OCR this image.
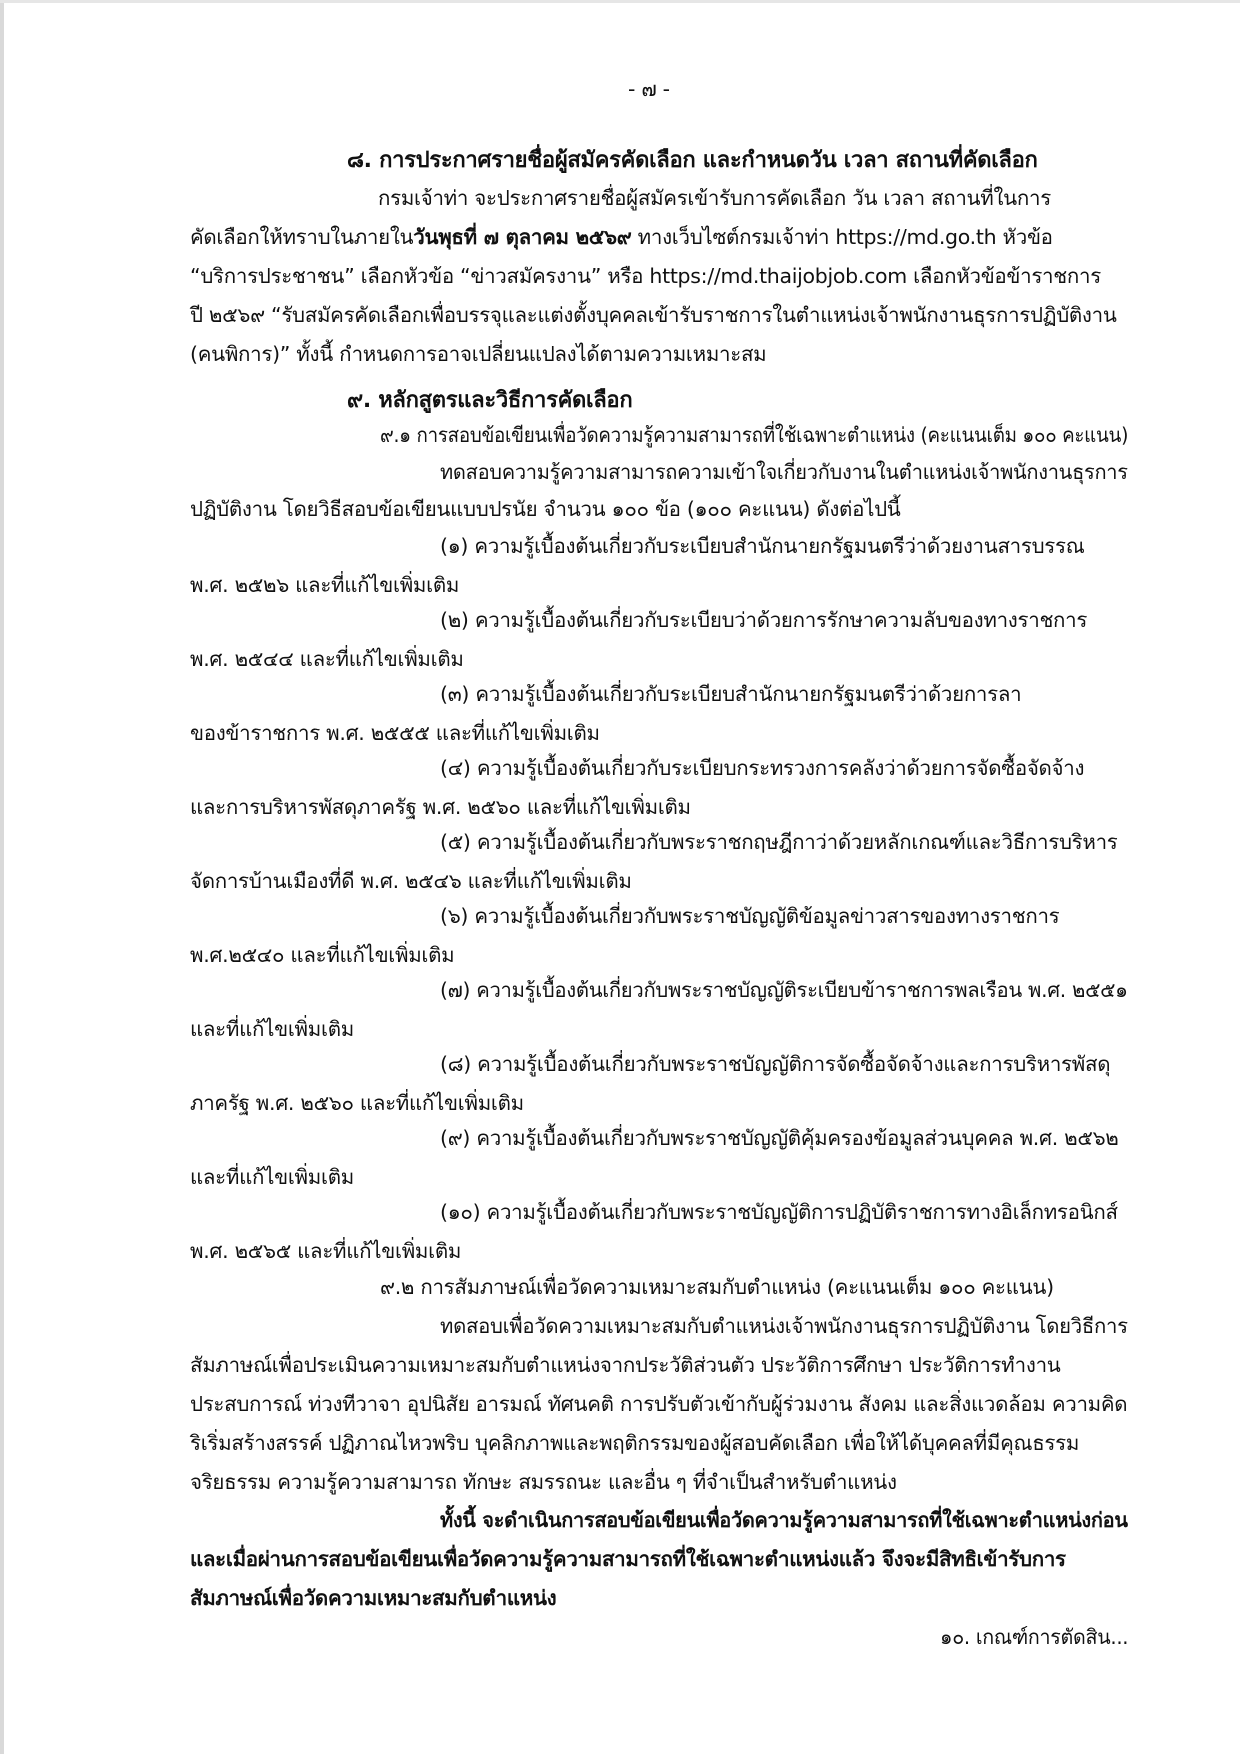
- ๗ -
๘. การประกาศรายชื่อผู้สมัครคัดเลือก และกำหนดวัน เวลา สถานที่คัดเลือก
กรมเจ้าท่า จะประกาศรายชื่อผู้สมัครเข้ารับการคัดเลือก วัน เวลา สถานที่ในการ
คัดเลือกให้ทราบในภายในวันพุธที่ ๗ ตุลาคม ๒๕๖๙ ทางเว็บไซต์กรมเจ้าท่า https://md.go.th หัวข้อ
“บริการประชาชน” เลือกหัวข้อ “ข่าวสมัครงาน” หรือ https://md.thaijobjob.com เลือกหัวข้อข้าราชการ
ปี ๒๕๖๙ “รับสมัครคัดเลือกเพื่อบรรจุและแต่งตั้งบุคคลเข้ารับราชการในตำแหน่งเจ้าพนักงานธุรการปฏิบัติงาน
(คนพิการ)” ทั้งนี้ กำหนดการอาจเปลี่ยนแปลงได้ตามความเหมาะสม
๙. หลักสูตรและวิธีการคัดเลือก
๙.๑ การสอบข้อเขียนเพื่อวัดความรู้ความสามารถที่ใช้เฉพาะตำแหน่ง (คะแนนเต็ม ๑๐๐ คะแนน)
ทดสอบความรู้ความสามารถความเข้าใจเกี่ยวกับงานในตำแหน่งเจ้าพนักงานธุรการ
ปฏิบัติงาน โดยวิธีสอบข้อเขียนแบบปรนัย จำนวน ๑๐๐ ข้อ (๑๐๐ คะแนน) ดังต่อไปนี้
(๑) ความรู้เบื้องต้นเกี่ยวกับระเบียบสำนักนายกรัฐมนตรีว่าด้วยงานสารบรรณ
พ.ศ. ๒๕๒๖ และที่แก้ไขเพิ่มเติม
(๒) ความรู้เบื้องต้นเกี่ยวกับระเบียบว่าด้วยการรักษาความลับของทางราชการ
พ.ศ. ๒๕๔๔ และที่แก้ไขเพิ่มเติม
(๓) ความรู้เบื้องต้นเกี่ยวกับระเบียบสำนักนายกรัฐมนตรีว่าด้วยการลา
ของข้าราชการ พ.ศ. ๒๕๕๕ และที่แก้ไขเพิ่มเติม
(๔) ความรู้เบื้องต้นเกี่ยวกับระเบียบกระทรวงการคลังว่าด้วยการจัดซื้อจัดจ้าง
และการบริหารพัสดุภาครัฐ พ.ศ. ๒๕๖๐ และที่แก้ไขเพิ่มเติม
(๕) ความรู้เบื้องต้นเกี่ยวกับพระราชกฤษฎีกาว่าด้วยหลักเกณฑ์และวิธีการบริหาร
จัดการบ้านเมืองที่ดี พ.ศ. ๒๕๔๖ และที่แก้ไขเพิ่มเติม
(๖) ความรู้เบื้องต้นเกี่ยวกับพระราชบัญญัติข้อมูลข่าวสารของทางราชการ
พ.ศ.๒๕๔๐ และที่แก้ไขเพิ่มเติม
(๗) ความรู้เบื้องต้นเกี่ยวกับพระราชบัญญัติระเบียบข้าราชการพลเรือน พ.ศ. ๒๕๕๑
และที่แก้ไขเพิ่มเติม
(๘) ความรู้เบื้องต้นเกี่ยวกับพระราชบัญญัติการจัดซื้อจัดจ้างและการบริหารพัสดุ
ภาครัฐ พ.ศ. ๒๕๖๐ และที่แก้ไขเพิ่มเติม
(๙) ความรู้เบื้องต้นเกี่ยวกับพระราชบัญญัติคุ้มครองข้อมูลส่วนบุคคล พ.ศ. ๒๕๖๒
และที่แก้ไขเพิ่มเติม
(๑๐) ความรู้เบื้องต้นเกี่ยวกับพระราชบัญญัติการปฏิบัติราชการทางอิเล็กทรอนิกส์
พ.ศ. ๒๕๖๕ และที่แก้ไขเพิ่มเติม
๙.๒ การสัมภาษณ์เพื่อวัดความเหมาะสมกับตำแหน่ง (คะแนนเต็ม ๑๐๐ คะแนน)
ทดสอบเพื่อวัดความเหมาะสมกับตำแหน่งเจ้าพนักงานธุรการปฏิบัติงาน โดยวิธีการ
สัมภาษณ์เพื่อประเมินความเหมาะสมกับตำแหน่งจากประวัติส่วนตัว ประวัติการศึกษา ประวัติการทำงาน
ประสบการณ์ ท่วงทีวาจา อุปนิสัย อารมณ์ ทัศนคติ การปรับตัวเข้ากับผู้ร่วมงาน สังคม และสิ่งแวดล้อม ความคิด
ริเริ่มสร้างสรรค์ ปฏิภาณไหวพริบ บุคลิกภาพและพฤติกรรมของผู้สอบคัดเลือก เพื่อให้ได้บุคคลที่มีคุณธรรม
จริยธรรม ความรู้ความสามารถ ทักษะ สมรรถนะ และอื่น ๆ ที่จำเป็นสำหรับตำแหน่ง
ทั้งนี้ จะดำเนินการสอบข้อเขียนเพื่อวัดความรู้ความสามารถที่ใช้เฉพาะตำแหน่งก่อน
และเมื่อผ่านการสอบข้อเขียนเพื่อวัดความรู้ความสามารถที่ใช้เฉพาะตำแหน่งแล้ว จึงจะมีสิทธิเข้ารับการ
สัมภาษณ์เพื่อวัดความเหมาะสมกับตำแหน่ง
๑๐. เกณฑ์การตัดสิน...
